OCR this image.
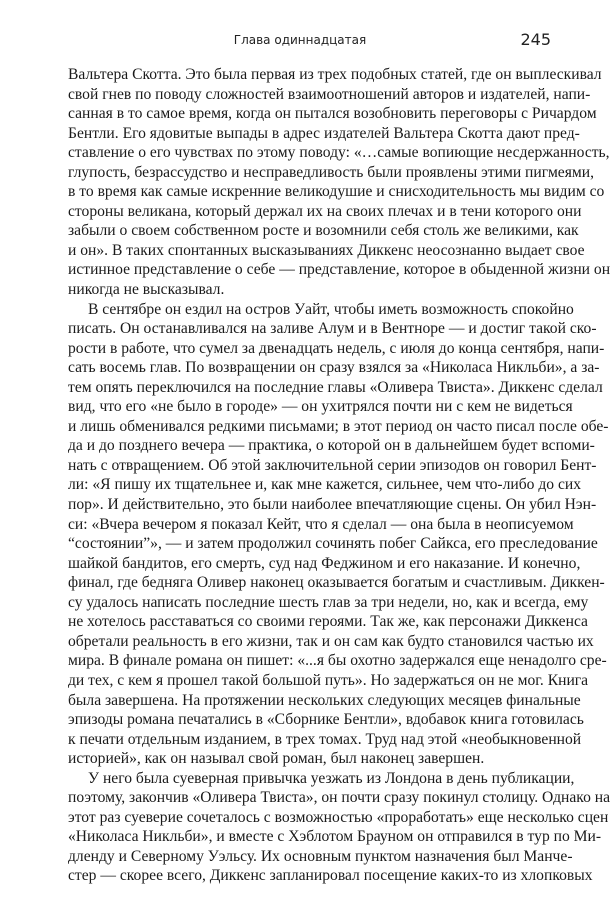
Глава одиннадцатая	245
Вальтера Скотта. Это была первая из трех подобных статей, где он выплескивал
свой гнев по поводу сложностей взаимоотношений авторов и издателей, напи-
санная в то самое время, когда он пытался возобновить переговоры с Ричардом
Бентли. Его ядовитые выпады в адрес издателей Вальтера Скотта дают пред-
ставление о его чувствах по этому поводу: «…самые вопиющие несдержанность,
глупость, безрассудство и несправедливость были проявлены этими пигмеями,
в то время как самые искренние великодушие и снисходительность мы видим со
стороны великана, который держал их на своих плечах и в тени которого они
забыли о своем собственном росте и возомнили себя столь же великими, как
и он». В таких спонтанных высказываниях Диккенс неосознанно выдает свое
истинное представление о себе — представление, которое в обыденной жизни он
никогда не высказывал.
В сентябре он ездил на остров Уайт, чтобы иметь возможность спокойно
писать. Он останавливался на заливе Алум и в Вентноре — и достиг такой ско-
рости в работе, что сумел за двенадцать недель, с июля до конца сентября, напи-
сать восемь глав. По возвращении он сразу взялся за «Николаса Никльби», а за-
тем опять переключился на последние главы «Оливера Твиста». Диккенс сделал
вид, что его «не было в городе» — он ухитрялся почти ни с кем не видеться
и лишь обменивался редкими письмами; в этот период он часто писал после обе-
да и до позднего вечера — практика, о которой он в дальнейшем будет вспоми-
нать с отвращением. Об этой заключительной серии эпизодов он говорил Бент-
ли: «Я пишу их тщательнее и, как мне кажется, сильнее, чем что-либо до сих
пор». И действительно, это были наиболее впечатляющие сцены. Он убил Нэн-
си: «Вчера вечером я показал Кейт, что я сделал — она была в неописуемом
“состоянии”», — и затем продолжил сочинять побег Сайкса, его преследование
шайкой бандитов, его смерть, суд над Феджином и его наказание. И конечно,
финал, где бедняга Оливер наконец оказывается богатым и счастливым. Диккен-
су удалось написать последние шесть глав за три недели, но, как и всегда, ему
не хотелось расставаться со своими героями. Так же, как персонажи Диккенса
обретали реальность в его жизни, так и он сам как будто становился частью их
мира. В финале романа он пишет: «...я бы охотно задержался еще ненадолго сре-
ди тех, с кем я прошел такой большой путь». Но задержаться он не мог. Книга
была завершена. На протяжении нескольких следующих месяцев финальные
эпизоды романа печатались в «Сборнике Бентли», вдобавок книга готовилась
к печати отдельным изданием, в трех томах. Труд над этой «необыкновенной
историей», как он называл свой роман, был наконец завершен.
У него была суеверная привычка уезжать из Лондона в день публикации,
поэтому, закончив «Оливера Твиста», он почти сразу покинул столицу. Однако на
этот раз суеверие сочеталось с возможностью «проработать» еще несколько сцен
«Николаса Никльби», и вместе с Хэблотом Брауном он отправился в тур по Ми-
дленду и Северному Уэльсу. Их основным пунктом назначения был Манче-
стер — скорее всего, Диккенс запланировал посещение каких-то из хлопковых
